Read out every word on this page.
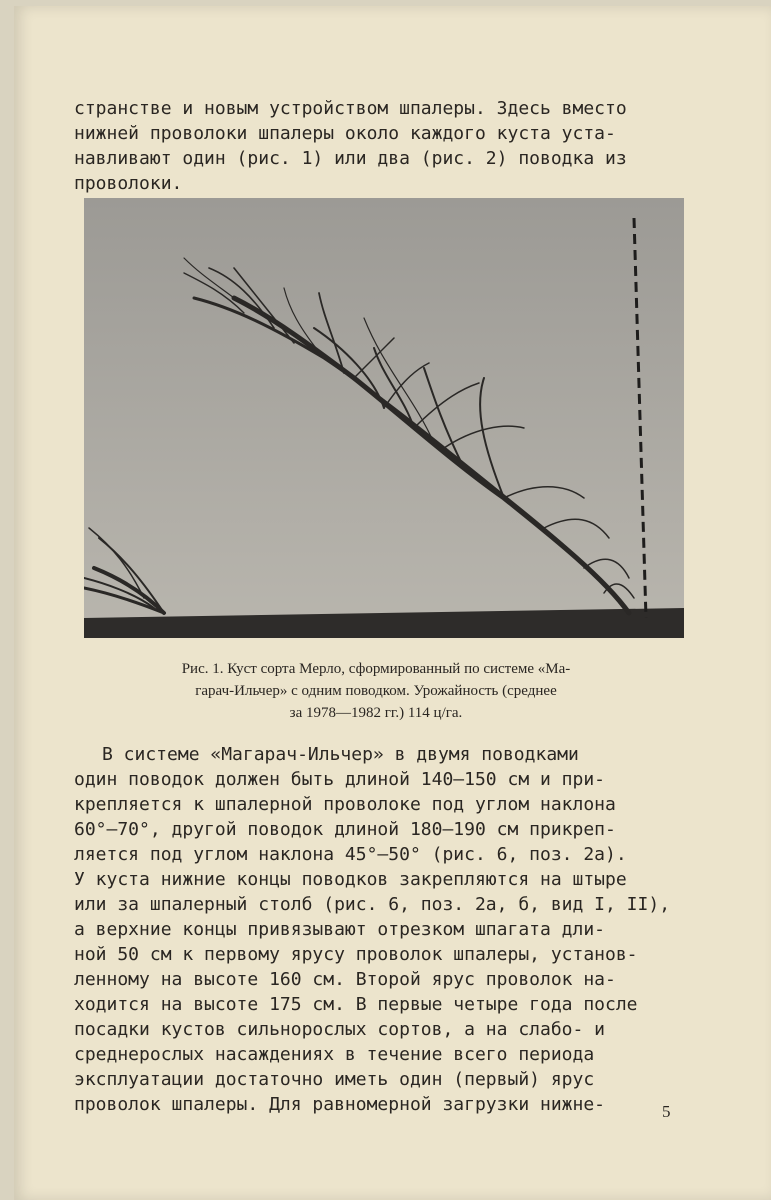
странстве и новым устройством шпалеры. Здесь вместо
нижней проволоки шпалеры около каждого куста уста-
навливают один (рис. 1) или два (рис. 2) поводка из
проволоки.
Рис. 1. Куст сорта Мерло, сформированный по системе «Ма-
гарач-Ильчер» с одним поводком. Урожайность (среднее
за 1978—1982 гг.) 114 ц/га.
В системе «Магарач-Ильчер» в двумя поводками
один поводок должен быть длиной 140—150 см и при-
крепляется к шпалерной проволоке под углом наклона
60°—70°, другой поводок длиной 180—190 см прикреп-
ляется под углом наклона 45°—50° (рис. 6, поз. 2а).
У куста нижние концы поводков закрепляются на штыре
или за шпалерный столб (рис. 6, поз. 2а, б, вид I, II),
а верхние концы привязывают отрезком шпагата дли-
ной 50 см к первому ярусу проволок шпалеры, установ-
ленному на высоте 160 см. Второй ярус проволок на-
ходится на высоте 175 см. В первые четыре года после
посадки кустов сильнорослых сортов, а на слабо- и
среднерослых насаждениях в течение всего периода
эксплуатации достаточно иметь один (первый) ярус
проволок шпалеры. Для равномерной загрузки нижне-	5
